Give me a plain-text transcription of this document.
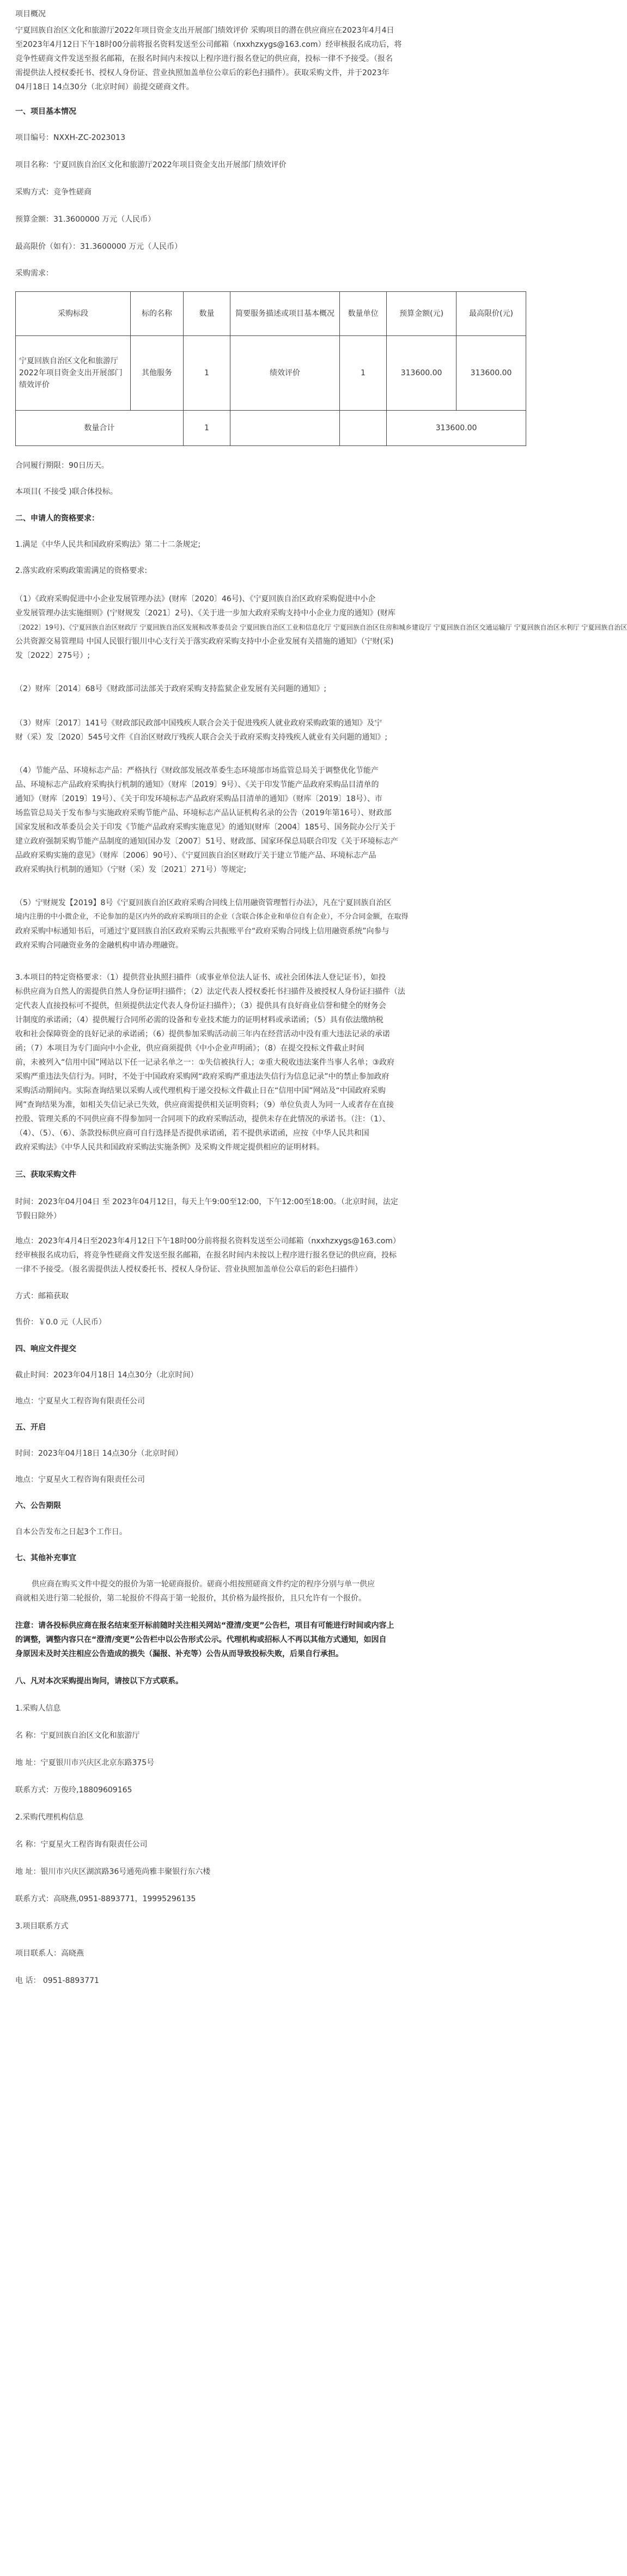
项目概况
宁夏回族自治区文化和旅游厅2022年项目资金支出开展部门绩效评价 采购项目的潜在供应商应在2023年4月4日
至2023年4月12日下午18时00分前将报名资料发送至公司邮箱（nxxhzxygs@163.com）经审核报名成功后，将
竞争性磋商文件发送至报名邮箱，在报名时间内未按以上程序进行报名登记的供应商，投标一律不予接受。（报名
需提供法人授权委托书、授权人身份证、营业执照加盖单位公章后的彩色扫描件）。获取采购文件，并于2023年
04月18日 14点30分（北京时间）前提交磋商文件。
一、项目基本情况
项目编号：NXXH-ZC-2023013
项目名称：宁夏回族自治区文化和旅游厅2022年项目资金支出开展部门绩效评价
采购方式：竞争性磋商
预算金额：31.3600000 万元（人民币）
最高限价（如有）：31.3600000 万元（人民币）
采购需求：
采购标段	标的名称	数量	简要服务描述或项目基本概况	数量单位	预算金额(元)	最高限价(元)
宁夏回族自治区文化和旅游厅2022年项目资金支出开展部门绩效评价	其他服务	1	绩效评价	1	313600.00	313600.00
数量合计		1			313600.00	
合同履行期限：90日历天。
本项目( 不接受 )联合体投标。
二、申请人的资格要求：
1.满足《中华人民共和国政府采购法》第二十二条规定;
2.落实政府采购政策需满足的资格要求:
（1）《政府采购促进中小企业发展管理办法》(财库〔2020〕46号)、《宁夏回族自治区政府采购促进中小企
业发展管理办法实施细则》(宁财规发〔2021〕2号)、《关于进一步加大政府采购支持中小企业力度的通知》(财库
〔2022〕19号)、《宁夏回族自治区财政厅 宁夏回族自治区发展和改革委员会 宁夏回族自治区工业和信息化厅 宁夏回族自治区住房和城乡建设厅 宁夏回族自治区交通运输厅 宁夏回族自治区水利厅 宁夏回族自治区
公共资源交易管理局 中国人民银行银川中心支行关于落实政府采购支持中小企业发展有关措施的通知》（宁财(采)
发〔2022〕275号）;
（2）财库〔2014〕68号《财政部司法部关于政府采购支持监狱企业发展有关问题的通知》;
（3）财库〔2017〕141号《财政部民政部中国残疾人联合会关于促进残疾人就业政府采购政策的通知》及宁
财（采）发〔2020〕545号文件《自治区财政厅残疾人联合会关于政府采购支持残疾人就业有关问题的通知》;
（4）节能产品、环境标志产品：严格执行《财政部发展改革委生态环境部市场监管总局关于调整优化节能产
品、环境标志产品政府采购执行机制的通知》（财库〔2019〕9号）、《关于印发节能产品政府采购品目清单的
通知》（财库〔2019〕19号）、《关于印发环境标志产品政府采购品目清单的通知》（财库〔2019〕18号）、市
场监管总局关于发布参与实施政府采购节能产品、环境标志产品认证机构名录的公告（2019年第16号）、财政部
国家发展和改革委员会关于印发《节能产品政府采购实施意见》的通知(财库〔2004〕185号、国务院办公厅关于
建立政府强制采购节能产品制度的通知(国办发〔2007〕51号、财政部、国家环保总局联合印发《关于环境标志产
品政府采购实施的意见》（财库〔2006〕90号）、《宁夏回族自治区财政厅关于建立节能产品、环境标志产品
政府采购执行机制的通知》（宁财（采）发〔2021〕271号）等规定;
（5）宁财规发【2019】8号《宁夏回族自治区政府采购合同线上信用融资管理暂行办法》，凡在宁夏回族自治区
境内注册的中小微企业，不论参加的是区内外的政府采购项目的企业（含联合体企业和单位自有企业），不分合同金额，在取得
政府采购中标通知书后，可通过宁夏回族自治区政府采购云共振账平台“政府采购合同线上信用融资系统”向参与
政府采购合同融资业务的金融机构申请办理融资。
3.本项目的特定资格要求：（1）提供营业执照扫描件（或事业单位法人证书、或社会团体法人登记证书），如投
标供应商为自然人的需提供自然人身份证明扫描件；（2）法定代表人授权委托书扫描件及被授权人身份证扫描件（法
定代表人直接投标可不提供，但须提供法定代表人身份证扫描件）；（3）提供具有良好商业信誉和健全的财务会
计制度的承诺函；（4）提供履行合同所必需的设备和专业技术能力的证明材料或承诺函；（5）具有依法缴纳税
收和社会保障资金的良好记录的承诺函；（6）提供参加采购活动前三年内在经营活动中没有重大违法记录的承诺
函；（7）本项目为专门面向中小企业，供应商须提供《中小企业声明函》；（8）在提交投标文件截止时间
前，未被列入“信用中国”网站以下任一记录名单之一：①失信被执行人；②重大税收违法案件当事人名单；③政府
采购严重违法失信行为。同时，不处于中国政府采购网“政府采购严重违法失信行为信息记录”中的禁止参加政府
采购活动期间内。实际查询结果以采购人或代理机构于递交投标文件截止日在“信用中国”网站及“中国政府采购
网”查询结果为准，如相关失信记录已失效，供应商需提供相关证明资料；（9）单位负责人为同一人或者存在直接
控股、管理关系的不同供应商不得参加同一合同项下的政府采购活动，提供未存在此情况的承诺书。（注：（1）、
（4）、（5）、（6）、条款投标供应商可自行选择是否提供承诺函，若不提供承诺函，应按《中华人民共和国
政府采购法》《中华人民共和国政府采购法实施条例》及采购文件规定提供相应的证明材料。
三、获取采购文件
时间：2023年04月04日 至 2023年04月12日，每天上午9:00至12:00，下午12:00至18:00。（北京时间，法定
节假日除外）
地点：2023年4月4日至2023年4月12日下午18时00分前将报名资料发送至公司邮箱（nxxhzxygs@163.com）
经审核报名成功后，将竞争性磋商文件发送至报名邮箱，在报名时间内未按以上程序进行报名登记的供应商，投标
一律不予接受。（报名需提供法人授权委托书、授权人身份证、营业执照加盖单位公章后的彩色扫描件）
方式：邮箱获取
售价：￥0.0 元（人民币）
四、响应文件提交
截止时间：2023年04月18日 14点30分（北京时间）
地点：宁夏星火工程咨询有限责任公司
五、开启
时间：2023年04月18日 14点30分（北京时间）
地点：宁夏星火工程咨询有限责任公司
六、公告期限
自本公告发布之日起3个工作日。
七、其他补充事宜
供应商在购买文件中提交的报价为第一轮磋商报价。磋商小组按照磋商文件约定的程序分别与单一供应
商就相关进行第二轮报价，第二轮报价不得高于第一轮报价，其价格为最终报价，且只允许有一个报价。
注意：请各投标供应商在报名结束至开标前随时关注相关网站“澄清/变更”公告栏，项目有可能进行时间或内容上
的调整，调整内容只在“澄清/变更”公告栏中以公告形式公示。代理机构或招标人不再以其他方式通知，如因自
身原因未及时关注相应公告造成的损失（漏报、补充等）公告从而导致投标失败，后果自行承担。
八、凡对本次采购提出询问，请按以下方式联系。
1.采购人信息
名 称：宁夏回族自治区文化和旅游厅
地 址：宁夏银川市兴庆区北京东路375号
联系方式：万俊玲,18809609165
2.采购代理机构信息
名 称：宁夏星火工程咨询有限责任公司
地 址：银川市兴庆区湖滨路36号通苑尚雅丰聚银行东六楼
联系方式：高晓燕,0951-8893771，19995296135
3.项目联系方式
项目联系人：高晓燕
电 话： 0951-8893771
